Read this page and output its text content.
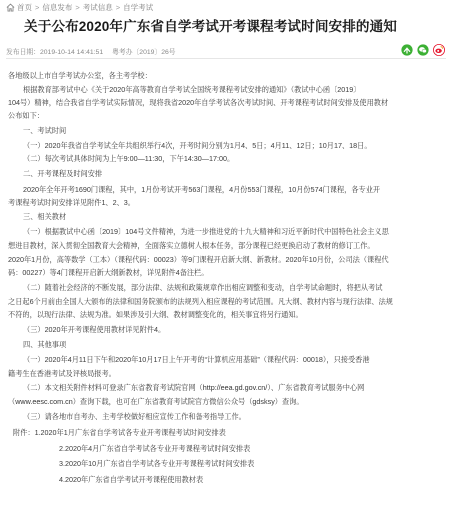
首页 > 信息发布 > 考试信息 > 自学考试
关于公布2020年广东省自学考试开考课程考试时间安排的通知
发布日期：2019-10-14 14:41:51 粤考办〔2019〕26号
各地级以上市自学考试办公室，各主考学校：
根据教育部考试中心《关于2020年高等教育自学考试全国统考课程考试安排的通知》（教试中心函〔2019〕
104号）精神，结合我省自学考试实际情况，现将我省2020年自学考试各次考试时间、开考课程考试时间安排及使用教材
公布如下：
一、考试时间
（一）2020年我省自学考试全年共组织举行4次，开考时间分别为1月4、5日；4月11、12日；10月17、18日。
（二）每次考试具体时间为上午9:00—11:30，下午14:30—17:00。
二、开考课程及时间安排
2020年全年开考1690门课程，其中，1月份考试开考563门课程，4月份553门课程，10月份574门课程，各专业开
考课程考试时间安排详见附件1、2、3。
三、相关教材
（一）根据教试中心函〔2019〕104号文件精神，为进一步推进党的十九大精神和习近平新时代中国特色社会主义思
想进目教材，深入贯彻全国教育大会精神，全面落实立德树人根本任务，部分课程已经更换启动了教材的修订工作。
2020年1月份，高等数学（工本）（课程代码：00023）等9门课程开启新大纲、新教材。2020年10月份，公司法（课程代
码：00227）等4门课程开启新大纲新教材，详见附件4备注栏。
（二）随着社会经济的不断发展，部分法律、法规和政策规章作出相应调整和变动，自学考试命题时，将把从考试
之日起6个月前由全国人大颁布的法律和国务院颁布的法规列入相应课程的考试范围。凡大纲、教材内容与现行法律、法规
不符的，以现行法律、法规为准。如果涉及引大纲、教材调整变化的，相关事宜将另行通知。
（三）2020年开考课程使用教材详见附件4。
四、其他事项
（一）2020年4月11日下午和2020年10月17日上午开考的“计算机应用基础”（课程代码：00018），只接受香港
籍考生在香港考试及评核局报考。
（二）本文相关附件材料可登录广东省教育考试院官网（http://eea.gd.gov.cn/）、广东省教育考试服务中心网
（www.eesc.com.cn）查询下载，也可在广东省教育考试院官方微信公众号（gdsksy）查询。
（三）请各地市自考办、主考学校做好相应宣传工作和备考指导工作。
附件：1.2020年1月广东省自学考试各专业开考课程考试时间安排表
2.2020年4月广东省自学考试各专业开考课程考试时间安排表
3.2020年10月广东省自学考试各专业开考课程考试时间安排表
4.2020年广东省自学考试开考课程使用教材表
